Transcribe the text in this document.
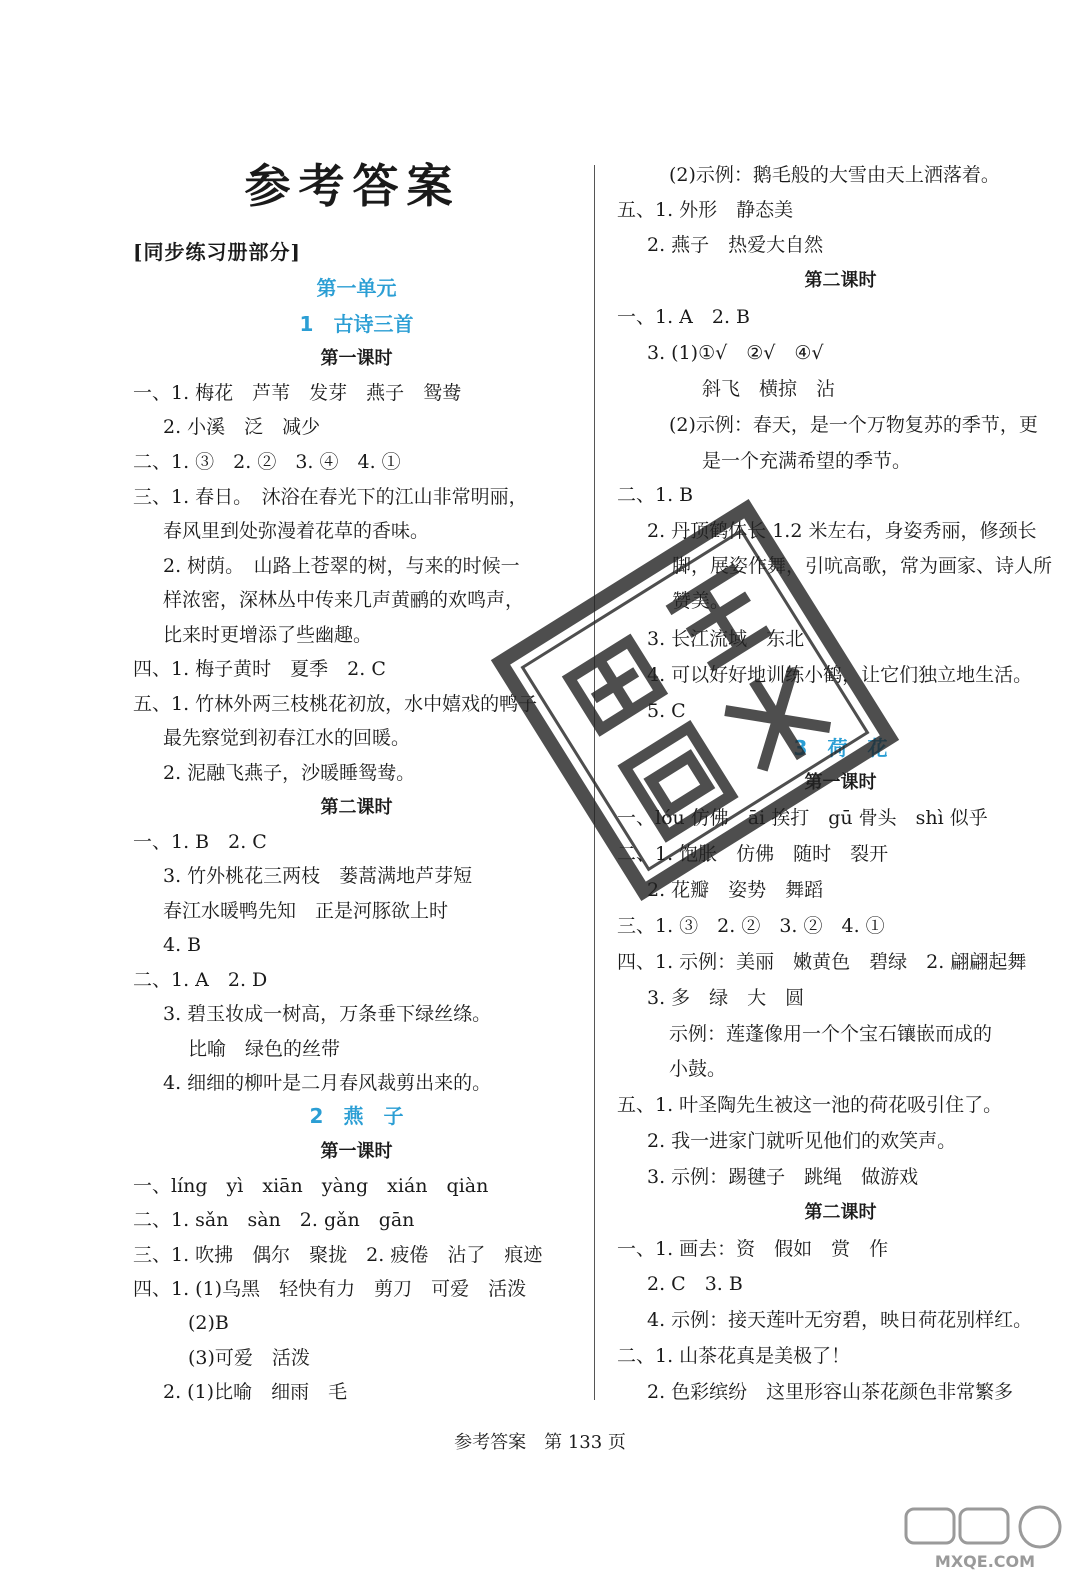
参考答案
[同步练习册部分]
第一单元
1　古诗三首
第一课时
一、1. 梅花　芦苇　发芽　燕子　鸳鸯
2. 小溪　泛　减少
二、1. ③　2. ②　3. ④　4. ①
三、1. 春日。　沐浴在春光下的江山非常明丽，
春风里到处弥漫着花草的香味。
2. 树荫。　山路上苍翠的树，与来的时候一
样浓密，深林丛中传来几声黄鹂的欢鸣声，
比来时更增添了些幽趣。
四、1. 梅子黄时　夏季　2. C
五、1. 竹林外两三枝桃花初放，水中嬉戏的鸭子
最先察觉到初春江水的回暖。
2. 泥融飞燕子，沙暖睡鸳鸯。
第二课时
一、1. B　2. C
3. 竹外桃花三两枝　蒌蒿满地芦芽短
春江水暖鸭先知　正是河豚欲上时
4. B
二、1. A　2. D
3. 碧玉妆成一树高，万条垂下绿丝绦。
比喻　绿色的丝带
4. 细细的柳叶是二月春风裁剪出来的。
2　燕　子
第一课时
一、líng　yì　xiān　yàng　xián　qiàn
二、1. sǎn　sàn　2. gǎn　gān
三、1. 吹拂　偶尔　聚拢　2. 疲倦　沾了　痕迹
四、1. (1)乌黑　轻快有力　剪刀　可爱　活泼
(2)B
(3)可爱　活泼
2. (1)比喻　细雨　毛
(2)示例：鹅毛般的大雪由天上洒落着。
五、1. 外形　静态美
2. 燕子　热爱大自然
第二课时
一、1. A　2. B
3. (1)①√　②√　④√
斜飞　横掠　沾
(2)示例：春天，是一个万物复苏的季节，更
是一个充满希望的季节。
二、1. B
2. 丹顶鹤体长 1.2 米左右，身姿秀丽，修颈长
脚，展姿作舞，引吭高歌，常为画家、诗人所
赞美。
3. 长江流域　东北
4. 可以好好地训练小鹤，让它们独立地生活。
5. C
3　荷　花
第一课时
一、lóu 仿佛　āi 挨打　gū 骨头　shì 似乎
二、1. 饱胀　仿佛　随时　裂开
2. 花瓣　姿势　舞蹈
三、1. ③　2. ②　3. ②　4. ①
四、1. 示例：美丽　嫩黄色　碧绿　2. 翩翩起舞
3. 多　绿　大　圆
示例：莲蓬像用一个个宝石镶嵌而成的
小鼓。
五、1. 叶圣陶先生被这一池的荷花吸引住了。
2. 我一进家门就听见他们的欢笑声。
3. 示例：踢毽子　跳绳　做游戏
第二课时
一、1. 画去：资　假如　赏　作
2. C　3. B
4. 示例：接天莲叶无穷碧，映日荷花别样红。
二、1. 山茶花真是美极了！
2. 色彩缤纷　这里形容山茶花颜色非常繁多
参考答案　第 133 页
MXQE.COM
